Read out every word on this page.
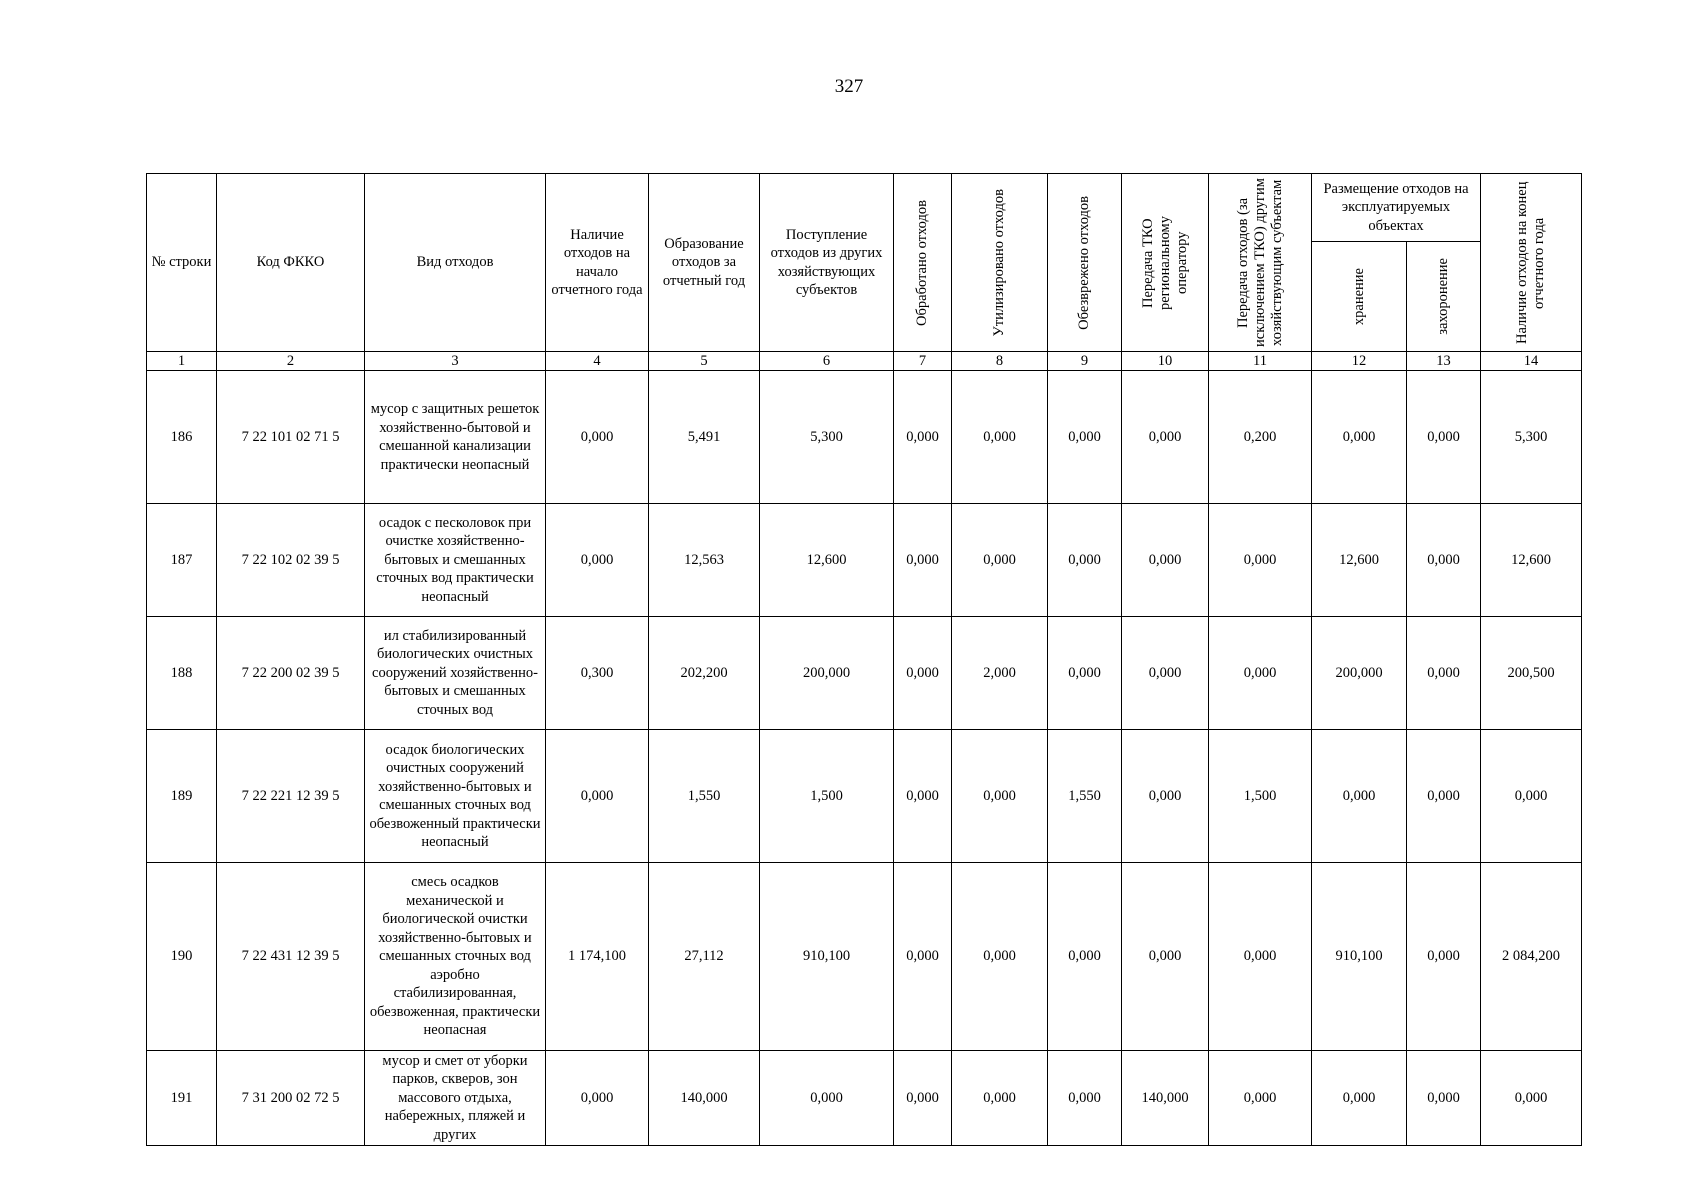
327
№ строки	Код ФККО	Вид отходов	Наличие отходов на начало отчетного года	Образование отходов за отчетный год	Поступление отходов из других хозяйствующих субъектов	Обработано отходов	Утилизировано отходов	Обезврежено отходов	Передача ТКО региональному оператору	Передача отходов (за исключением ТКО) другим хозяйствующим субъектам	Размещение отходов на эксплуатируемых объектах		Наличие отходов на конец отчетного года

											хранение	захоронение	

1	2	3	4	5	6	7	8	9	10	11	12	13	14
186	7 22 101 02 71 5	мусор с защитных решеток хозяйственно-бытовой и смешанной канализации практически неопасный	0,000	5,491	5,300	0,000	0,000	0,000	0,000	0,200	0,000	0,000	5,300
187	7 22 102 02 39 5	осадок с песколовок при очистке хозяйственно-бытовых и смешанных сточных вод практически неопасный	0,000	12,563	12,600	0,000	0,000	0,000	0,000	0,000	12,600	0,000	12,600
188	7 22 200 02 39 5	ил стабилизированный биологических очистных сооружений хозяйственно-бытовых и смешанных сточных вод	0,300	202,200	200,000	0,000	2,000	0,000	0,000	0,000	200,000	0,000	200,500
189	7 22 221 12 39 5	осадок биологических очистных сооружений хозяйственно-бытовых и смешанных сточных вод обезвоженный практически неопасный	0,000	1,550	1,500	0,000	0,000	1,550	0,000	1,500	0,000	0,000	0,000
190	7 22 431 12 39 5	смесь осадков механической и биологической очистки хозяйственно-бытовых и смешанных сточных вод аэробно стабилизированная, обезвоженная, практически неопасная	1 174,100	27,112	910,100	0,000	0,000	0,000	0,000	0,000	910,100	0,000	2 084,200
191	7 31 200 02 72 5	мусор и смет от уборки парков, скверов, зон массового отдыха, набережных, пляжей и других	0,000	140,000	0,000	0,000	0,000	0,000	140,000	0,000	0,000	0,000	0,000
